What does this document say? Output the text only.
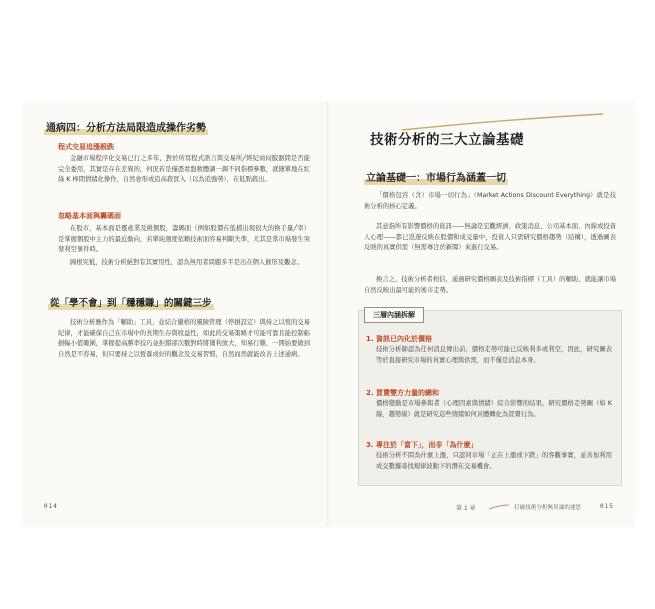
通病四：分析方法局限造成操作劣勢
程式交易追漲殺跌

金融市場程序化交易已行之多年，對於所寫程式語言與交易所╱經紀商伺服器間是否能完全委用，其實是存在差異的，何況若是僅憑看盤軟體調一調不同指標參數，就簡單地在紅綠 K 棒間情緒化操作，自然會形成追高殺買入（以為追強勢），在低點殺出。

忽略基本面與籌碼面

在股市，基本面是靈產業及挑個股，籌碼面（例如股價在低檔出現很大的換手量╱率）是掌握個股中主力的最近動向，若單純週度依賴技術面容易判斷失準，尤其是當市場發生突發利空事件時。

歸根究柢，技術分析絕對有其實用性，認為無用者問題多半是出在個人催形及觀念。

從「學不會」到「穩穩賺」的關鍵三步

技術分析應作為「輔助」工具，並結合嚴格的風險管理（停損設定）與持之以恆的交易紀律，才能確保自己在市場中的長期生存與收益性，如此的交易策略才可能可靠且能控制虧損幅小值範圍，掌握提高勝率技巧並拒錯卻次數對時將獲利放大，知易行難，一開始要做到自然是不容易，但只要持之以恆養成好的觀念及交易習慣，自然而然就能改善上述通病。

014
技術分析的三大立論基礎
立論基礎一：市場行為涵蓋一切

「價格包容（含）市場一切行為」（Market Actions Discount Everything）就是技術分析的核心定義。

其意指所有影響價格的資訊——無論是宏觀經濟、政策消息、公司基本面、內線或投資人心理——都已迅速反映在股價和成交量中，投資人只需研究價格趨勢（結構），透過圖表反映的真實供需（無需專注於新聞）來進行交易。

換言之，技術分析者相信，通過研究價格圖表及技術指標（工具）的輔助，就能讓市場自然反映出最可能的後市走勢。

三層內涵拆解
1. 資訊已內化於價格

技術分析師認為任何消息傳出前，價格走勢可能已反映利多或利空，因此，研究圖表等於直接研究市場的真實心理與供需，而不僅是消息本身。

2. 買賣雙方力量的總和

價格變動是市場參與者（心理因素與情緒）綜合影響的結果，研究價格走勢圖（如 K 線、趨勢線）就是研究這些情緒如何具體轉化為買賣行為。

3. 專注於「當下」，而非「為什麼」

技術分析不問為什麼上漲，只認同市場「正在上漲或下跌」的客觀事實，並善加利用成交數據尋找規律波動下的潛在交易機會。

第 1 章	打破技術分析無用論的迷思	015
